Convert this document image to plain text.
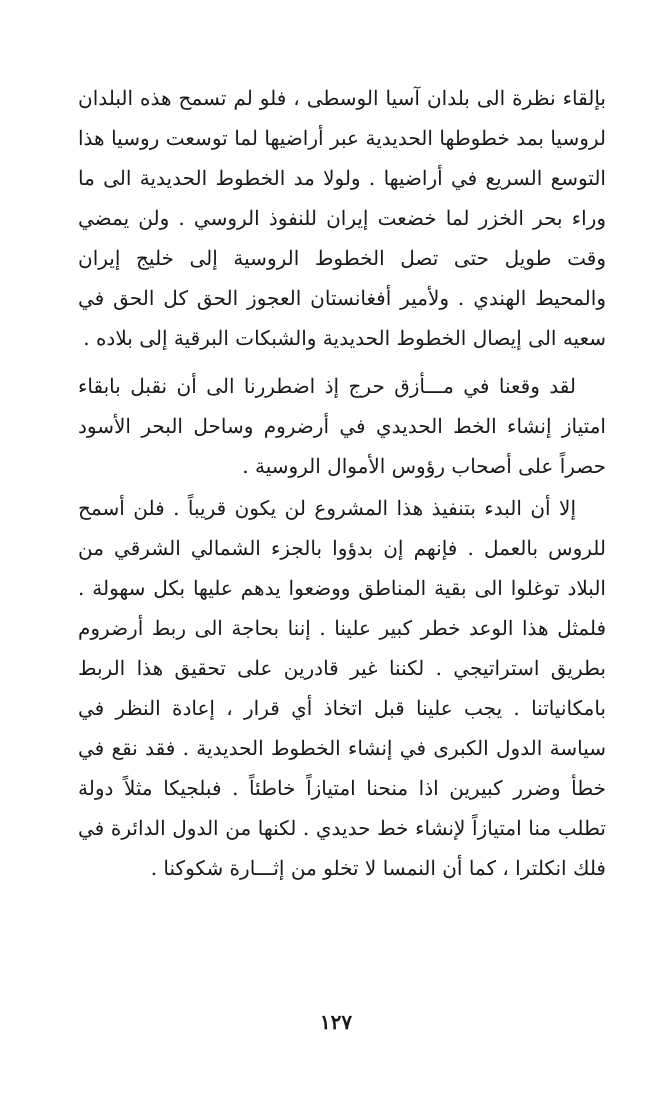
بإلقاء نظرة الى بلدان آسيا الوسطى ، فلو لم تسمح هذه البلدان لروسيا بمد خطوطها الحديدية عبر أراضيها لما توسعت روسيا هذا التوسع السريع في أراضيها . ولولا مد الخطوط الحديدية الى ما وراء بحر الخزر لما خضعت إيران للنفوذ الروسي . ولن يمضي وقت طويل حتى تصل الخطوط الروسية إلى خليج إيران والمحيط الهندي . ولأمير أفغانستان العجوز الحق كل الحق في سعيه الى إيصال الخطوط الحديدية والشبكات البرقية إلى بلاده .

لقد وقعنا في مـــأزق حرج إذ اضطررنا الى أن نقبل بابقاء امتياز إنشاء الخط الحديدي في أرضروم وساحل البحر الأسود حصراً على أصحاب رؤوس الأموال الروسية .

إلا أن البدء بتنفيذ هذا المشروع لن يكون قريباً . فلن أسمح للروس بالعمل . فإنهم إن بدؤوا بالجزء الشمالي الشرقي من البلاد توغلوا الى بقية المناطق ووضعوا يدهم عليها بكل سهولة . فلمثل هذا الوعد خطر كبير علينا . إننا بحاجة الى ربط أرضروم بطريق استراتيجي . لكننا غير قادرين على تحقيق هذا الربط بامكانياتنا . يجب علينا قبل اتخاذ أي قرار ، إعادة النظر في سياسة الدول الكبرى في إنشاء الخطوط الحديدية . فقد نقع في خطأ وضرر كبيرين اذا منحنا امتيازاً خاطئاً . فبلجيكا مثلاً دولة تطلب منا امتيازاً لإنشاء خط حديدي . لكنها من الدول الدائرة في فلك انكلترا ، كما أن النمسا لا تخلو من إثـــارة شكوكنا .

١٢٧
